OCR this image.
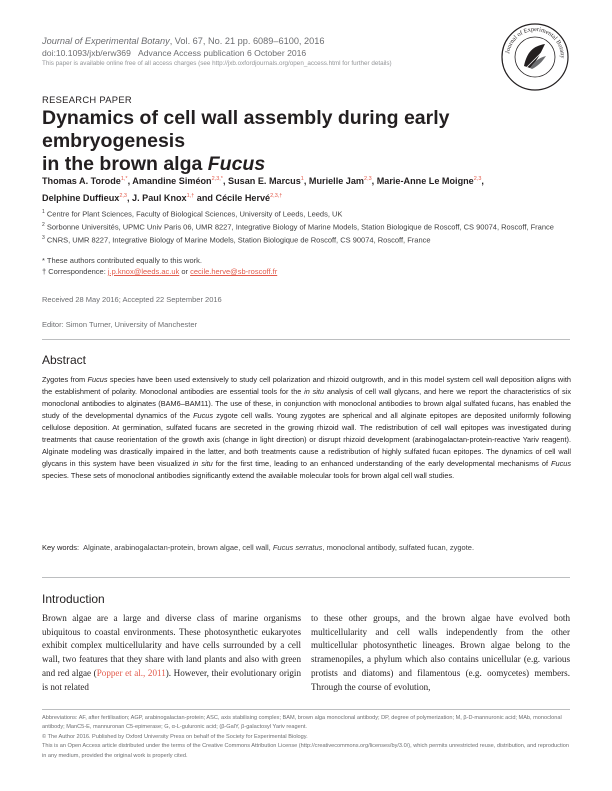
Journal of Experimental Botany, Vol. 67, No. 21 pp. 6089–6100, 2016
doi:10.1093/jxb/erw369 Advance Access publication 6 October 2016
This paper is available online free of all access charges (see http://jxb.oxfordjournals.org/open_access.html for further details)
Journal of Experimental Botany
RESEARCH PAPER
Dynamics of cell wall assembly during early embryogenesis
in the brown alga Fucus
Thomas A. Torode$^{1,*}$, Amandine Siméon$^{2,3,*}$, Susan E. Marcus$^1$, Murielle Jam$^{2,3}$, Marie-Anne Le Moigne$^{2,3}$,
Delphine Duffieux$^{2,3}$, J. Paul Knox$^{1,\dagger}$ and Cécile Hervé$^{2,3,\dagger}$

$^1$ Centre for Plant Sciences, Faculty of Biological Sciences, University of Leeds, Leeds, UK

$^2$ Sorbonne Universités, UPMC Univ Paris 06, UMR 8227, Integrative Biology of Marine Models, Station Biologique de Roscoff, CS 90074, Roscoff, France

$^3$ CNRS, UMR 8227, Integrative Biology of Marine Models, Station Biologique de Roscoff, CS 90074, Roscoff, France

* These authors contributed equally to this work.

† Correspondence: j.p.knox@leeds.ac.uk or cecile.herve@sb-roscoff.fr

Received 28 May 2016; Accepted 22 September 2016
Editor: Simon Turner, University of Manchester
Abstract
Zygotes from Fucus species have been used extensively to study cell polarization and rhizoid outgrowth, and in this model system cell wall deposition aligns with the establishment of polarity. Monoclonal antibodies are essential tools for the in situ analysis of cell wall glycans, and here we report the characteristics of six monoclonal antibodies to alginates (BAM6–BAM11). The use of these, in conjunction with monoclonal antibodies to brown algal sulfated fucans, has enabled the study of the developmental dynamics of the Fucus zygote cell walls. Young zygotes are spherical and all alginate epitopes are deposited uniformly following cellulose deposition. At germination, sulfated fucans are secreted in the growing rhizoid wall. The redistribution of cell wall epitopes was investigated during treatments that cause reorientation of the growth axis (change in light direction) or disrupt rhizoid development (arabinogalactan-protein-reactive Yariv reagent). Alginate modeling was drastically impaired in the latter, and both treatments cause a redistribution of highly sulfated fucan epitopes. The dynamics of cell wall glycans in this system have been visualized in situ for the first time, leading to an enhanced understanding of the early developmental mechanisms of Fucus species. These sets of monoclonal antibodies significantly extend the available molecular tools for brown algal cell wall studies.
Key words: Alginate, arabinogalactan-protein, brown algae, cell wall, Fucus serratus, monoclonal antibody, sulfated fucan, zygote.
Introduction
Brown algae are a large and diverse class of marine organisms ubiquitous to coastal environments. These photosynthetic eukaryotes exhibit complex multicellularity and have cells surrounded by a cell wall, two features that they share with land plants and also with green and red algae (Popper et al., 2011). However, their evolutionary origin is not related
to these other groups, and the brown algae have evolved both multicellularity and cell walls independently from the other multicellular photosynthetic lineages. Brown algae belong to the stramenopiles, a phylum which also contains unicellular (e.g. various protists and diatoms) and filamentous (e.g. oomycetes) members. Through the course of evolution,

Abbreviations: AF, after fertilisation; AGP, arabinogalactan-protein; ASC, axis stabilising complex; BAM, brown alga monoclonal antibody; DP, degree of polymerization; M, β-D-mannuronic acid; MAb, monoclonal antibody; ManC5-E, mannuronan C5-epimerase; G, α-L-guluronic acid; (β-GalY, β-galactosyl Yariv reagent.

© The Author 2016. Published by Oxford University Press on behalf of the Society for Experimental Biology.

This is an Open Access article distributed under the terms of the Creative Commons Attribution License (http://creativecommons.org/licenses/by/3.0/), which permits unrestricted reuse, distribution, and reproduction in any medium, provided the original work is properly cited.
